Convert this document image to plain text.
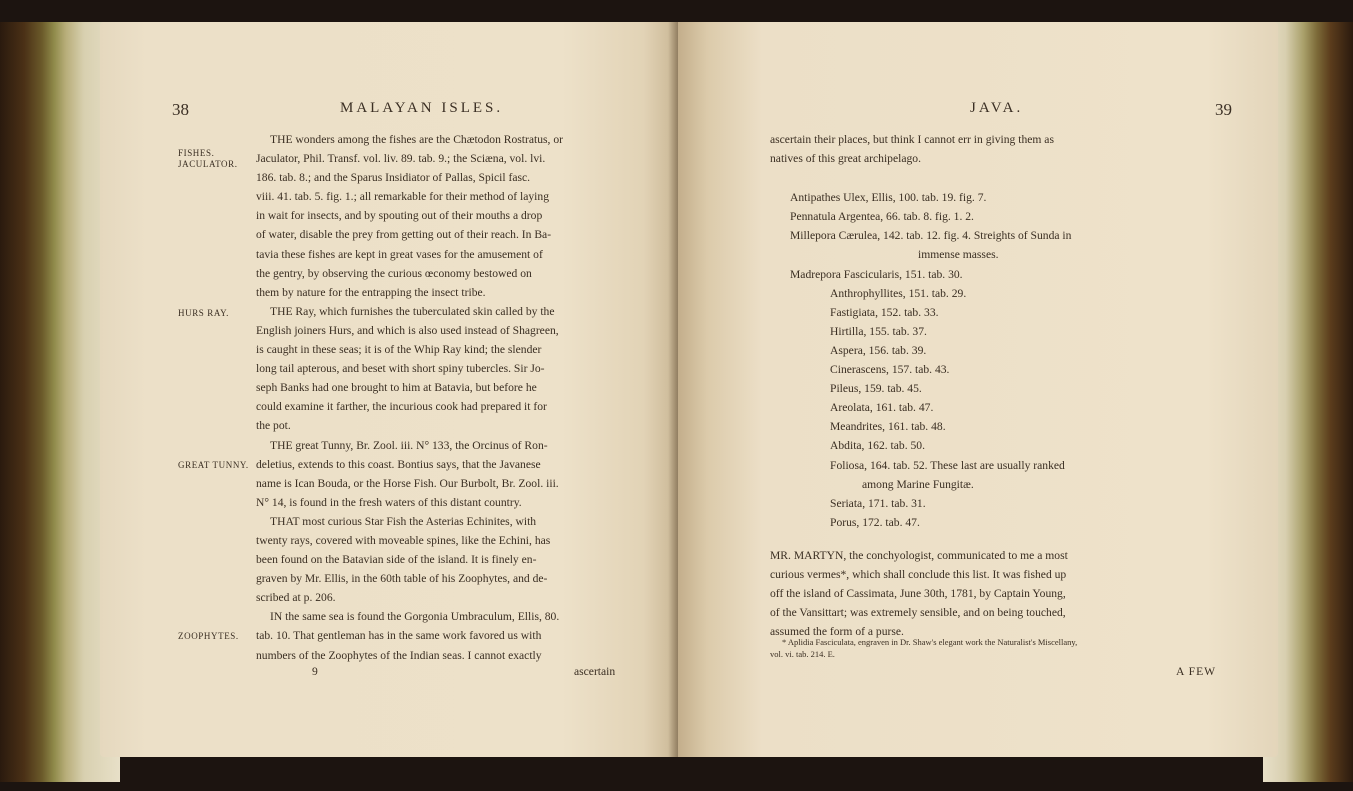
38	MALAYAN ISLES.
FISHES.
JACULATOR.
HURS RAY.
GREAT TUNNY.
ZOOPHYTES.
THE wonders among the fishes are the Chætodon Rostratus, or
Jaculator, Phil. Transf. vol. liv. 89. tab. 9.; the Sciæna, vol. lvi.
186. tab. 8.; and the Sparus Insidiator of Pallas, Spicil fasc.
viii. 41. tab. 5. fig. 1.; all remarkable for their method of laying
in wait for insects, and by spouting out of their mouths a drop
of water, disable the prey from getting out of their reach. In Ba-
tavia these fishes are kept in great vases for the amusement of
the gentry, by observing the curious œconomy bestowed on
them by nature for the entrapping the insect tribe.
THE Ray, which furnishes the tuberculated skin called by the
English joiners Hurs, and which is also used instead of Shagreen,
is caught in these seas; it is of the Whip Ray kind; the slender
long tail apterous, and beset with short spiny tubercles. Sir Jo-
seph Banks had one brought to him at Batavia, but before he
could examine it farther, the incurious cook had prepared it for
the pot.
THE great Tunny, Br. Zool. iii. N° 133, the Orcinus of Ron-
deletius, extends to this coast. Bontius says, that the Javanese
name is Ican Bouda, or the Horse Fish. Our Burbolt, Br. Zool. iii.
N° 14, is found in the fresh waters of this distant country.
THAT most curious Star Fish the Asterias Echinites, with
twenty rays, covered with moveable spines, like the Echini, has
been found on the Batavian side of the island. It is finely en-
graven by Mr. Ellis, in the 60th table of his Zoophytes, and de-
scribed at p. 206.
IN the same sea is found the Gorgonia Umbraculum, Ellis, 80.
tab. 10. That gentleman has in the same work favored us with
numbers of the Zoophytes of the Indian seas. I cannot exactly
9	ascertain
JAVA.	39
ascertain their places, but think I cannot err in giving them as
natives of this great archipelago.
Antipathes Ulex, Ellis, 100. tab. 19. fig. 7.
Pennatula Argentea, 66. tab. 8. fig. 1. 2.
Millepora Cærulea, 142. tab. 12. fig. 4. Streights of Sunda in
immense masses.
Madrepora Fascicularis, 151. tab. 30.
Anthrophyllites, 151. tab. 29.
Fastigiata, 152. tab. 33.
Hirtilla, 155. tab. 37.
Aspera, 156. tab. 39.
Cinerascens, 157. tab. 43.
Pileus, 159. tab. 45.
Areolata, 161. tab. 47.
Meandrites, 161. tab. 48.
Abdita, 162. tab. 50.
Foliosa, 164. tab. 52. These last are usually ranked
among Marine Fungitæ.
Seriata, 171. tab. 31.
Porus, 172. tab. 47.
MR. MARTYN, the conchyologist, communicated to me a most
curious vermes*, which shall conclude this list. It was fished up
off the island of Cassimata, June 30th, 1781, by Captain Young,
of the Vansittart; was extremely sensible, and on being touched,
assumed the form of a purse.
* Aplidia Fasciculata, engraven in Dr. Shaw's elegant work the Naturalist's Miscellany,
vol. vi. tab. 214. E.
A FEW
